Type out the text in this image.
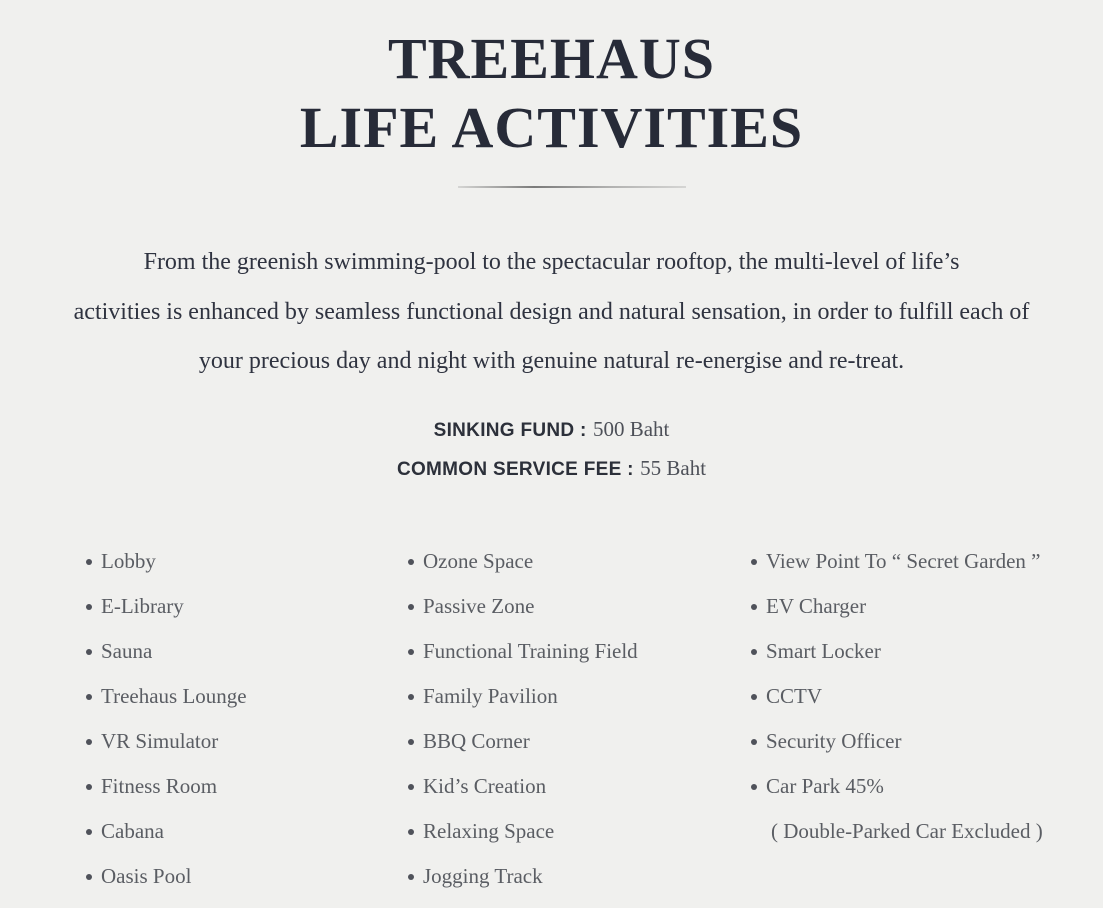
TREEHAUS
LIFE ACTIVITIES
From the greenish swimming-pool to the spectacular rooftop, the multi-level of life’s
activities is enhanced by seamless functional design and natural sensation, in order to fulfill each of
your precious day and night with genuine natural re-energise and re-treat.
SINKING FUND : 500 Baht
COMMON SERVICE FEE : 55 Baht
Lobby
E-Library
Sauna
Treehaus Lounge
VR Simulator
Fitness Room
Cabana
Oasis Pool
Ozone Space
Passive Zone
Functional Training Field
Family Pavilion
BBQ Corner
Kid’s Creation
Relaxing Space
Jogging Track
View Point To “ Secret Garden ”
EV Charger
Smart Locker
CCTV
Security Officer
Car Park 45%
( Double-Parked Car Excluded )
